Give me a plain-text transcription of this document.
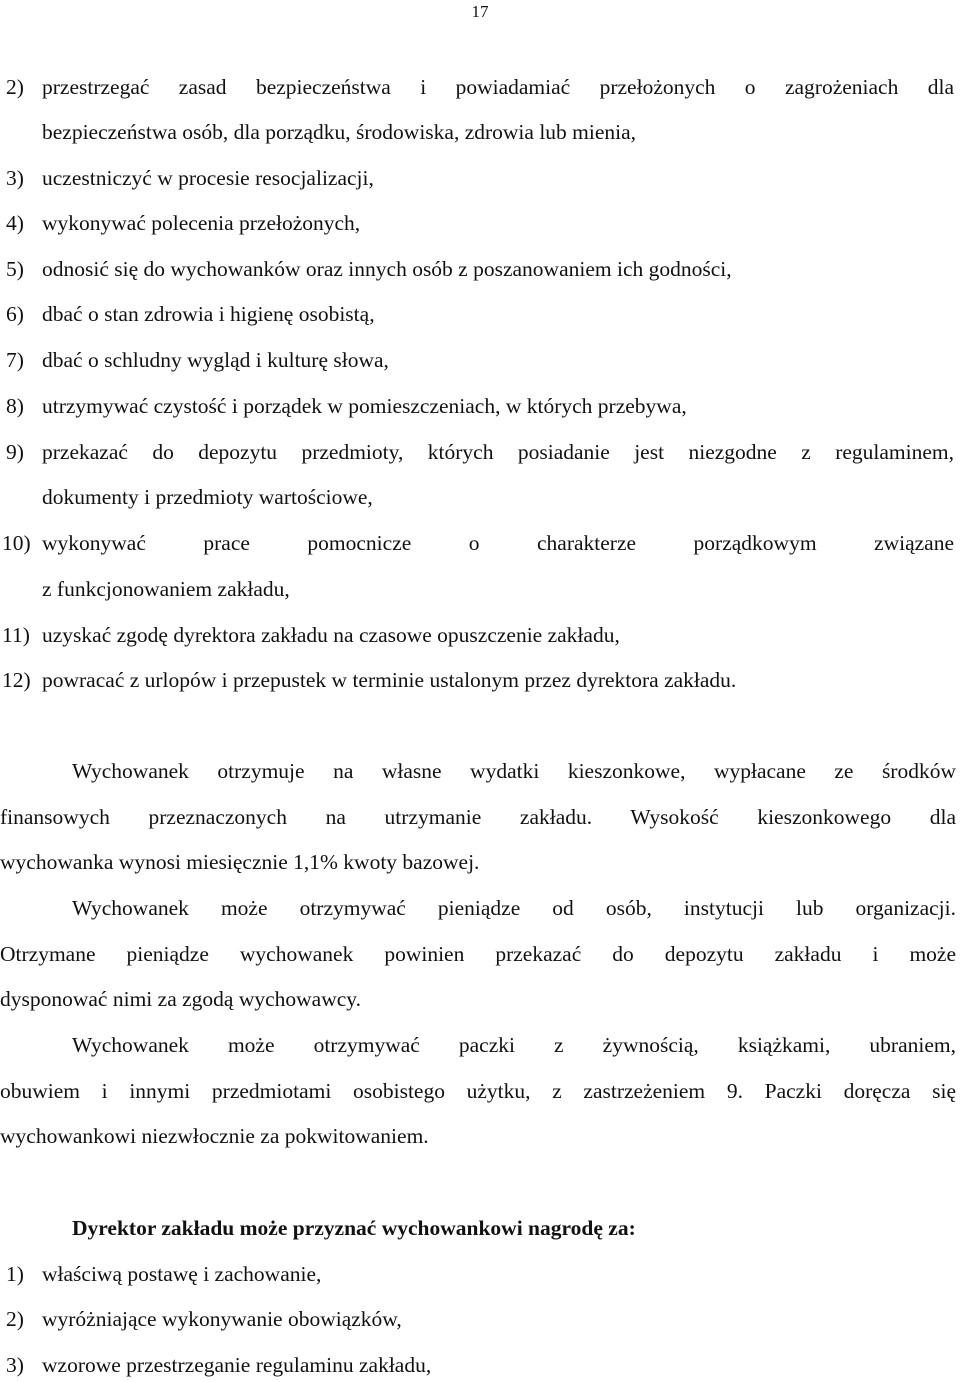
17
2) przestrzegać zasad bezpieczeństwa i powiadamiać przełożonych o zagrożeniach dla
bezpieczeństwa osób, dla porządku, środowiska, zdrowia lub mienia,
3) uczestniczyć w procesie resocjalizacji,
4) wykonywać polecenia przełożonych,
5) odnosić się do wychowanków oraz innych osób z poszanowaniem ich godności,
6) dbać o stan zdrowia i higienę osobistą,
7) dbać o schludny wygląd i kulturę słowa,
8) utrzymywać czystość i porządek w pomieszczeniach, w których przebywa,
9) przekazać do depozytu przedmioty, których posiadanie jest niezgodne z regulaminem,
dokumenty i przedmioty wartościowe,
10) wykonywać prace pomocnicze o charakterze porządkowym związane
z funkcjonowaniem zakładu,
11) uzyskać zgodę dyrektora zakładu na czasowe opuszczenie zakładu,
12) powracać z urlopów i przepustek w terminie ustalonym przez dyrektora zakładu.
Wychowanek otrzymuje na własne wydatki kieszonkowe, wypłacane ze środków
finansowych przeznaczonych na utrzymanie zakładu. Wysokość kieszonkowego dla
wychowanka wynosi miesięcznie 1,1% kwoty bazowej.
Wychowanek może otrzymywać pieniądze od osób, instytucji lub organizacji.
Otrzymane pieniądze wychowanek powinien przekazać do depozytu zakładu i może
dysponować nimi za zgodą wychowawcy.
Wychowanek może otrzymywać paczki z żywnością, książkami, ubraniem,
obuwiem i innymi przedmiotami osobistego użytku, z zastrzeżeniem 9. Paczki doręcza się
wychowankowi niezwłocznie za pokwitowaniem.
Dyrektor zakładu może przyznać wychowankowi nagrodę za:
1) właściwą postawę i zachowanie,
2) wyróżniające wykonywanie obowiązków,
3) wzorowe przestrzeganie regulaminu zakładu,
